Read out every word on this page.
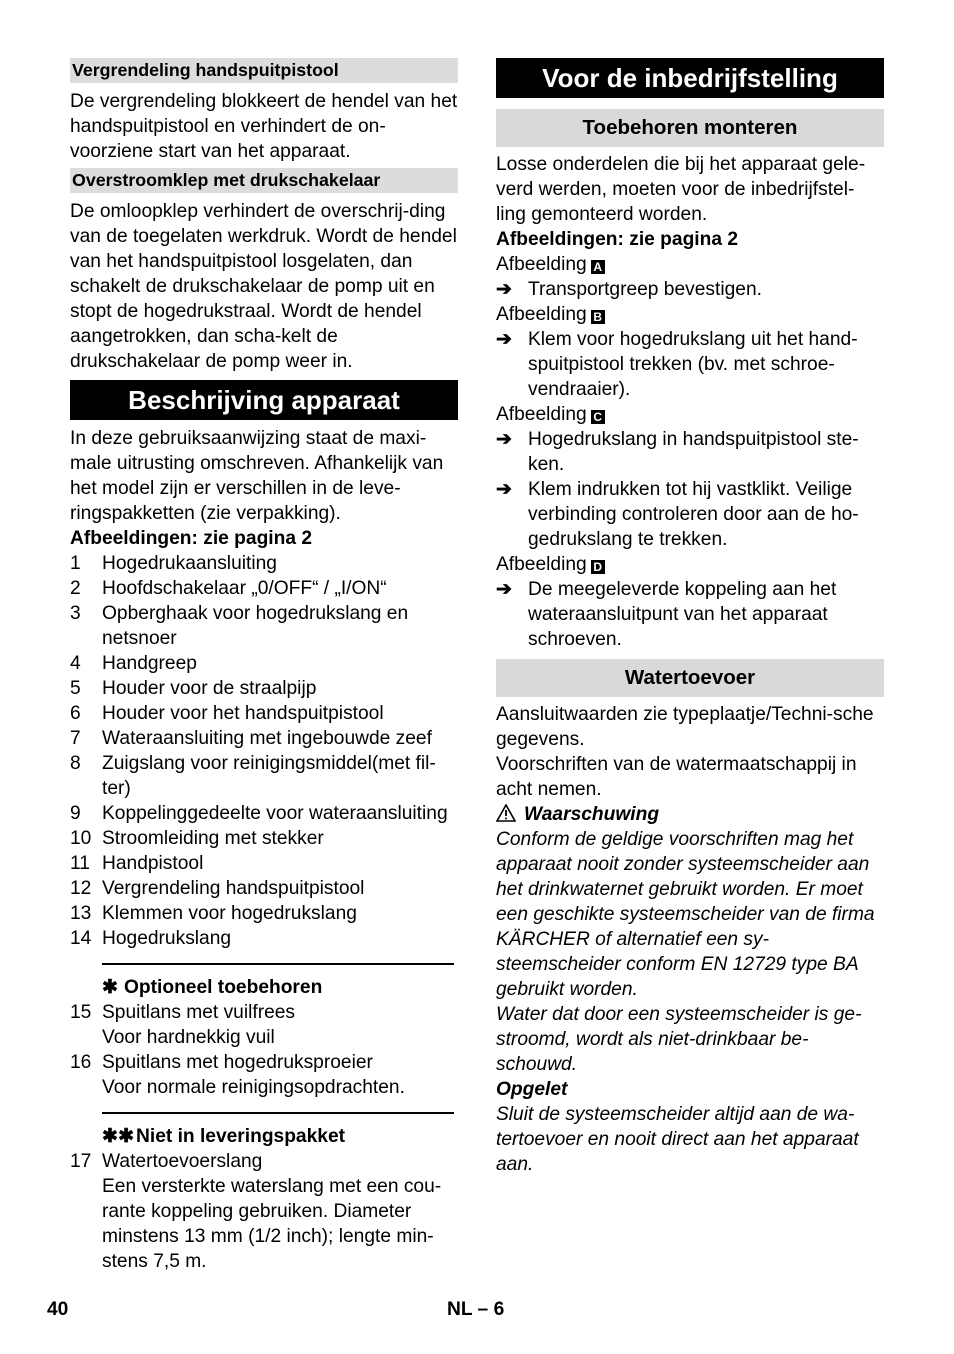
Vergrendeling handspuitpistool

De vergrendeling blokkeert de hendel van het handspuitpistool en verhindert de on-voorziene start van het apparaat.

Overstroomklep met drukschakelaar

De omloopklep verhindert de overschrij-ding van de toegelaten werkdruk. Wordt de hendel van het handspuitpistool losgelaten, dan schakelt de drukschakelaar de pomp uit en stopt de hogedrukstraal. Wordt de hendel aangetrokken, dan scha-kelt de drukschakelaar de pomp weer in.

Beschrijving apparaat

In deze gebruiksaanwijzing staat de maxi-male uitrusting omschreven. Afhankelijk van het model zijn er verschillen in de leve-ringspakketten (zie verpakking).

Afbeeldingen: zie pagina 2

1	Hogedrukaansluiting
2	Hoofdschakelaar „0/OFF“ / „I/ON“
3	Opberghaak voor hogedrukslang en netsnoer
4	Handgreep
5	Houder voor de straalpijp
6	Houder voor het handspuitpistool
7	Wateraansluiting met ingebouwde zeef
8	Zuigslang voor reinigingsmiddel(met fil-ter)
9	Koppelinggedeelte voor wateraansluiting
10 Stroomleiding met stekker
11 Handpistool
12 Vergrendeling handspuitpistool
13 Klemmen voor hogedrukslang
14 Hogedrukslang
✱ Optioneel toebehoren
15 Spuitlans met vuilfrees
Voor hardnekkig vuil
16 Spuitlans met hogedruksproeier
Voor normale reinigingsopdrachten.
✱✱Niet in leveringspakket
17 Watertoevoerslang
Een versterkte waterslang met een cou-rante koppeling gebruiken. Diameter minstens 13 mm (1/2 inch); lengte min-stens 7,5 m.
Voor de inbedrijfstelling
Toebehoren monteren

Losse onderdelen die bij het apparaat gele-verd werden, moeten voor de inbedrijfstel-ling gemonteerd worden.

Afbeeldingen: zie pagina 2

Afbeelding A

➔ Transportgreep bevestigen.

Afbeelding B

➔ Klem voor hogedrukslang uit het hand-spuitpistool trekken (bv. met schroe-vendraaier).

Afbeelding C

➔ Hogedrukslang in handspuitpistool ste-ken.
➔ Klem indrukken tot hij vastklikt. Veilige verbinding controleren door aan de ho-gedrukslang te trekken.

Afbeelding D

➔ De meegeleverde koppeling aan het wateraansluitpunt van het apparaat schroeven.
Watertoevoer

Aansluitwaarden zie typeplaatje/Techni-sche gegevens.

Voorschriften van de watermaatschappij in acht nemen.

Waarschuwing

Conform de geldige voorschriften mag het apparaat nooit zonder systeemscheider aan het drinkwaternet gebruikt worden. Er moet een geschikte systeemscheider van de firma KÄRCHER of alternatief een sy-steemscheider conform EN 12729 type BA gebruikt worden.

Water dat door een systeemscheider is ge-stroomd, wordt als niet-drinkbaar be-schouwd.

Opgelet

Sluit de systeemscheider altijd aan de wa-tertoevoer en nooit direct aan het apparaat aan.

40	NL – 6
